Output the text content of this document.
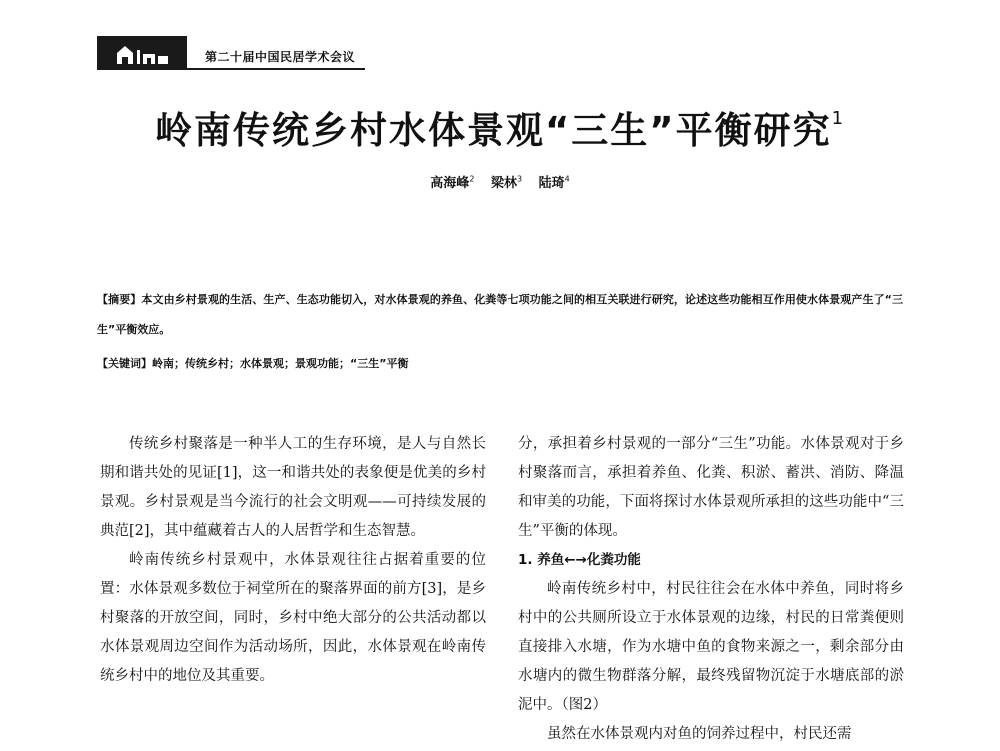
第二十届中国民居学术会议
岭南传统乡村水体景观“三生”平衡研究$^1$
高海峰$^2$ 梁林$^3$ 陆琦$^4$
【摘要】本文由乡村景观的生活、生产、生态功能切入，对水体景观的养鱼、化粪等七项功能之间的相互关联进行研究，论述这些功能相互作用使水体景观产生了“三生”平衡效应。
【关键词】岭南；传统乡村；水体景观；景观功能；“三生”平衡

传统乡村聚落是一种半人工的生存环境，是人与自然长期和谐共处的见证[1]，这一和谐共处的表象便是优美的乡村景观。乡村景观是当今流行的社会文明观——可持续发展的典范[2]，其中蕴藏着古人的人居哲学和生态智慧。

岭南传统乡村景观中，水体景观往往占据着重要的位置：水体景观多数位于祠堂所在的聚落界面的前方[3]，是乡村聚落的开放空间，同时，乡村中绝大部分的公共活动都以水体景观周边空间作为活动场所，因此，水体景观在岭南传统乡村中的地位及其重要。

分，承担着乡村景观的一部分“三生”功能。水体景观对于乡村聚落而言，承担着养鱼、化粪、积淤、蓄洪、消防、降温和审美的功能，下面将探讨水体景观所承担的这些功能中“三生”平衡的体现。

1. 养鱼←→化粪功能

岭南传统乡村中，村民往往会在水体中养鱼，同时将乡村中的公共厕所设立于水体景观的边缘，村民的日常粪便则直接排入水塘，作为水塘中鱼的食物来源之一，剩余部分由水塘内的微生物群落分解，最终残留物沉淀于水塘底部的淤泥中。（图2）

虽然在水体景观内对鱼的饲养过程中，村民还需
